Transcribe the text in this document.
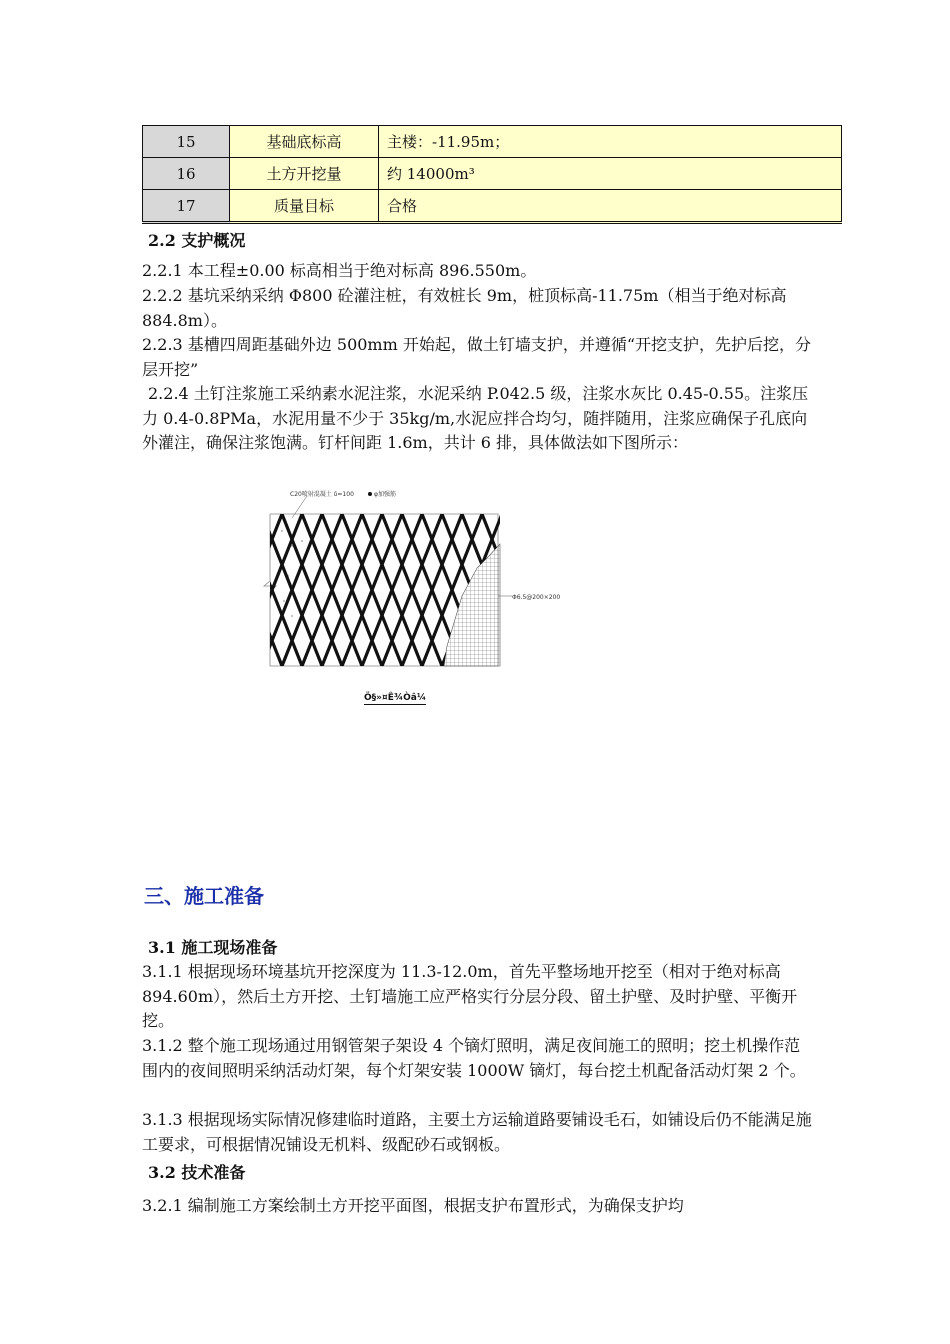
15	基础底标高	主楼：-11.95m；
16	土方开挖量	约 14000m³
17	质量目标	合格
2.2 支护概况

2.2.1 本工程±0.00 标高相当于绝对标高 896.550m。

2.2.2 基坑采纳采纳 Φ800 砼灌注桩，有效桩长 9m，桩顶标高-11.75m（相当于绝对标高 884.8m）。

2.2.3 基槽四周距基础外边 500mm 开始起，做土钉墙支护，并遵循“开挖支护，先护后挖，分层开挖”

2.2.4 土钉注浆施工采纳素水泥注浆，水泥采纳 P.042.5 级，注浆水灰比 0.45-0.55。注浆压力 0.4-0.8PMa，水泥用量不少于 35kg/m,水泥应拌合均匀，随拌随用，注浆应确保子孔底向外灌注，确保注浆饱满。钉杆间距 1.6m，共计 6 排，具体做法如下图所示：

C20喷射混凝土 δ=100	φ加强筋
Φ6.5@200×200
Ö§»¤Ê¾Òâ¼
三、施工准备
3.1 施工现场准备

3.1.1 根据现场环境基坑开挖深度为 11.3-12.0m，首先平整场地开挖至（相对于绝对标高 894.60m），然后土方开挖、土钉墙施工应严格实行分层分段、留土护壁、及时护壁、平衡开挖。

3.1.2 整个施工现场通过用钢管架子架设 4 个镝灯照明，满足夜间施工的照明；挖土机操作范围内的夜间照明采纳活动灯架，每个灯架安装 1000W 镝灯，每台挖土机配备活动灯架 2 个。

3.1.3 根据现场实际情况修建临时道路，主要土方运输道路要铺设毛石，如铺设后仍不能满足施工要求，可根据情况铺设无机料、级配砂石或钢板。

3.2 技术准备

3.2.1 编制施工方案绘制土方开挖平面图，根据支护布置形式，为确保支护均
